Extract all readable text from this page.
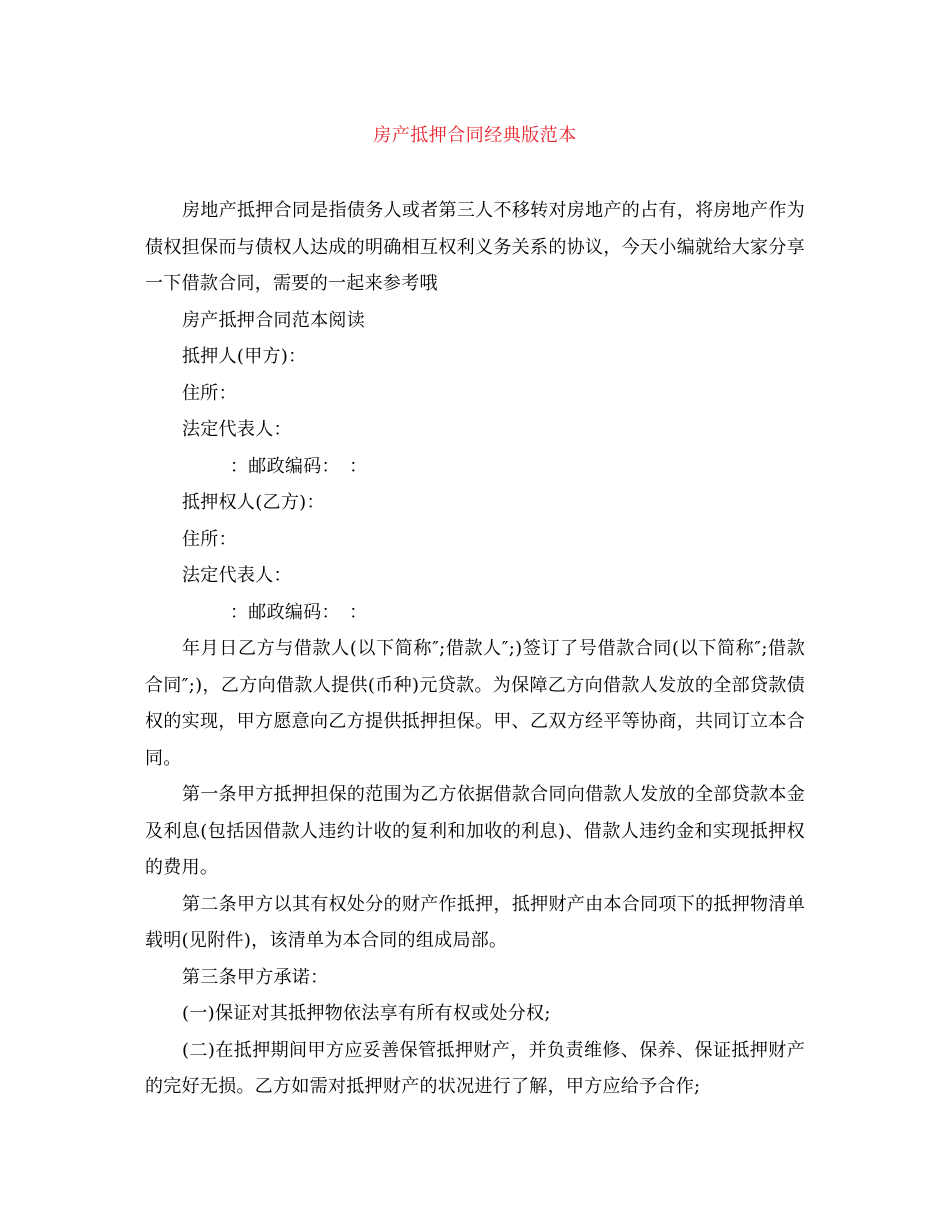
房产抵押合同经典版范本

房地产抵押合同是指债务人或者第三人不移转对房地产的占有，将房地产作为债权担保而与债权人达成的明确相互权利义务关系的协议，今天小编就给大家分享一下借款合同，需要的一起来参考哦

房产抵押合同范本阅读

抵押人(甲方)：

住所：

法定代表人：

：邮政编码：　：

抵押权人(乙方)：

住所：

法定代表人：

：邮政编码：　：

年月日乙方与借款人(以下简称″;借款人″;)签订了号借款合同(以下简称″;借款合同″;)，乙方向借款人提供(币种)元贷款。为保障乙方向借款人发放的全部贷款债权的实现，甲方愿意向乙方提供抵押担保。甲、乙双方经平等协商，共同订立本合同。

第一条甲方抵押担保的范围为乙方依据借款合同向借款人发放的全部贷款本金及利息(包括因借款人违约计收的复利和加收的利息)、借款人违约金和实现抵押权的费用。

第二条甲方以其有权处分的财产作抵押，抵押财产由本合同项下的抵押物清单载明(见附件)，该清单为本合同的组成局部。

第三条甲方承诺：

(一)保证对其抵押物依法享有所有权或处分权;

(二)在抵押期间甲方应妥善保管抵押财产，并负责维修、保养、保证抵押财产的完好无损。乙方如需对抵押财产的状况进行了解，甲方应给予合作;
